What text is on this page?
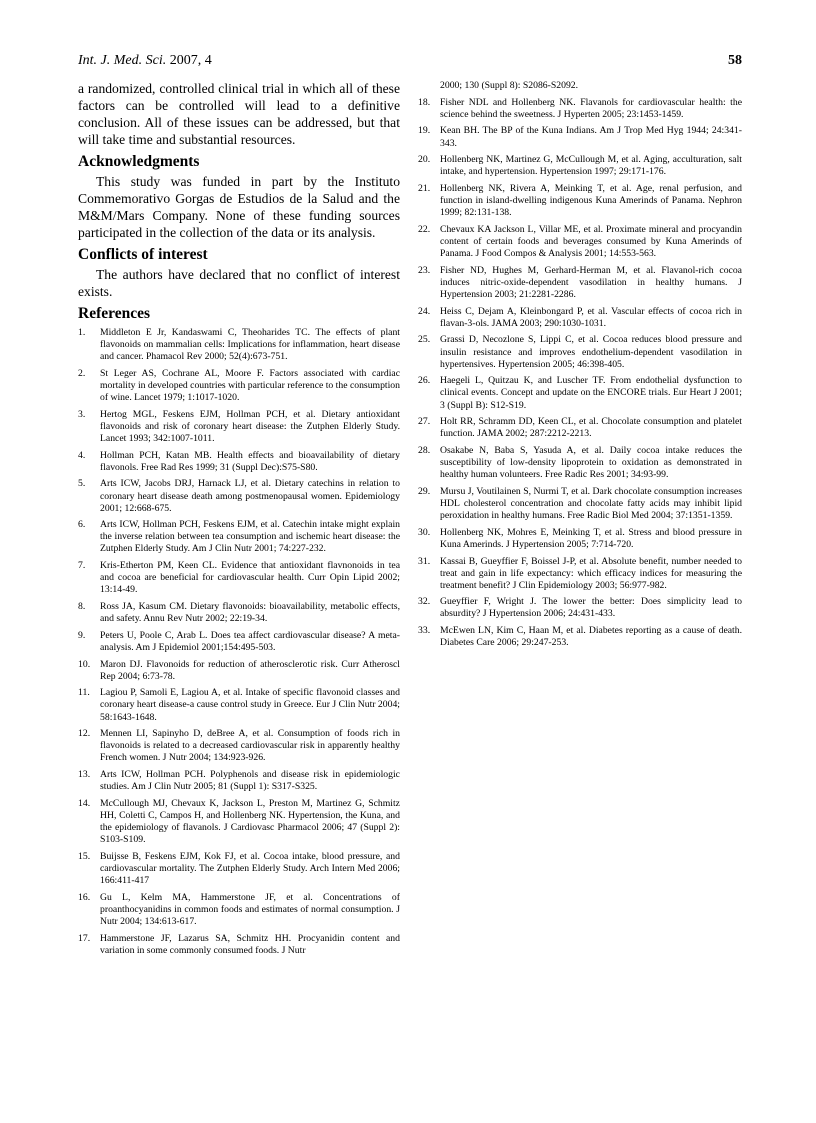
Int. J. Med. Sci. 2007, 4	58

a randomized, controlled clinical trial in which all of these factors can be controlled will lead to a definitive conclusion. All of these issues can be addressed, but that will take time and substantial resources.

Acknowledgments

This study was funded in part by the Instituto Commemorativo Gorgas de Estudios de la Salud and the M&M/Mars Company. None of these funding sources participated in the collection of the data or its analysis.

Conflicts of interest

The authors have declared that no conflict of interest exists.

References
1. Middleton E Jr, Kandaswami C, Theoharides TC. The effects of plant flavonoids on mammalian cells: Implications for inflammation, heart disease and cancer. Phamacol Rev 2000; 52(4):673-751.
2. St Leger AS, Cochrane AL, Moore F. Factors associated with cardiac mortality in developed countries with particular reference to the consumption of wine. Lancet 1979; 1:1017-1020.
3. Hertog MGL, Feskens EJM, Hollman PCH, et al. Dietary antioxidant flavonoids and risk of coronary heart disease: the Zutphen Elderly Study. Lancet 1993; 342:1007-1011.
4. Hollman PCH, Katan MB. Health effects and bioavailability of dietary flavonols. Free Rad Res 1999; 31 (Suppl Dec):S75-S80.
5. Arts ICW, Jacobs DRJ, Harnack LJ, et al. Dietary catechins in relation to coronary heart disease death among postmenopausal women. Epidemiology 2001; 12:668-675.
6. Arts ICW, Hollman PCH, Feskens EJM, et al. Catechin intake might explain the inverse relation between tea consumption and ischemic heart disease: the Zutphen Elderly Study. Am J Clin Nutr 2001; 74:227-232.
7. Kris-Etherton PM, Keen CL. Evidence that antioxidant flavnonoids in tea and cocoa are beneficial for cardiovascular health. Curr Opin Lipid 2002; 13:14-49.
8. Ross JA, Kasum CM. Dietary flavonoids: bioavailability, metabolic effects, and safety. Annu Rev Nutr 2002; 22:19-34.
9. Peters U, Poole C, Arab L. Does tea affect cardiovascular disease? A meta-analysis. Am J Epidemiol 2001;154:495-503.
10. Maron DJ. Flavonoids for reduction of atherosclerotic risk. Curr Atheroscl Rep 2004; 6:73-78.
11. Lagiou P, Samoli E, Lagiou A, et al. Intake of specific flavonoid classes and coronary heart disease-a cause control study in Greece. Eur J Clin Nutr 2004; 58:1643-1648.
12. Mennen LI, Sapinyho D, deBree A, et al. Consumption of foods rich in flavonoids is related to a decreased cardiovascular risk in apparently healthy French women. J Nutr 2004; 134:923-926.
13. Arts ICW, Hollman PCH. Polyphenols and disease risk in epidemiologic studies. Am J Clin Nutr 2005; 81 (Suppl 1): S317-S325.
14. McCullough MJ, Chevaux K, Jackson L, Preston M, Martinez G, Schmitz HH, Coletti C, Campos H, and Hollenberg NK. Hypertension, the Kuna, and the epidemiology of flavanols. J Cardiovasc Pharmacol 2006; 47 (Suppl 2): S103-S109.
15. Buijsse B, Feskens EJM, Kok FJ, et al. Cocoa intake, blood pressure, and cardiovascular mortality. The Zutphen Elderly Study. Arch Intern Med 2006; 166:411-417
16. Gu L, Kelm MA, Hammerstone JF, et al. Concentrations of proanthocyanidins in common foods and estimates of normal consumption. J Nutr 2004; 134:613-617.
17. Hammerstone JF, Lazarus SA, Schmitz HH. Procyanidin content and variation in some commonly consumed foods. J Nutr
2000; 130 (Suppl 8): S2086-S2092.
18. Fisher NDL and Hollenberg NK. Flavanols for cardiovascular health: the science behind the sweetness. J Hyperten 2005; 23:1453-1459.
19. Kean BH. The BP of the Kuna Indians. Am J Trop Med Hyg 1944; 24:341-343.
20. Hollenberg NK, Martinez G, McCullough M, et al. Aging, acculturation, salt intake, and hypertension. Hypertension 1997; 29:171-176.
21. Hollenberg NK, Rivera A, Meinking T, et al. Age, renal perfusion, and function in island-dwelling indigenous Kuna Amerinds of Panama. Nephron 1999; 82:131-138.
22. Chevaux KA Jackson L, Villar ME, et al. Proximate mineral and procyandin content of certain foods and beverages consumed by Kuna Amerinds of Panama. J Food Compos & Analysis 2001; 14:553-563.
23. Fisher ND, Hughes M, Gerhard-Herman M, et al. Flavanol-rich cocoa induces nitric-oxide-dependent vasodilation in healthy humans. J Hypertension 2003; 21:2281-2286.
24. Heiss C, Dejam A, Kleinbongard P, et al. Vascular effects of cocoa rich in flavan-3-ols. JAMA 2003; 290:1030-1031.
25. Grassi D, Necozlone S, Lippi C, et al. Cocoa reduces blood pressure and insulin resistance and improves endothelium-dependent vasodilation in hypertensives. Hypertension 2005; 46:398-405.
26. Haegeli L, Quitzau K, and Luscher TF. From endothelial dysfunction to clinical events. Concept and update on the ENCORE trials. Eur Heart J 2001; 3 (Suppl B): S12-S19.
27. Holt RR, Schramm DD, Keen CL, et al. Chocolate consumption and platelet function. JAMA 2002; 287:2212-2213.
28. Osakabe N, Baba S, Yasuda A, et al. Daily cocoa intake reduces the susceptibility of low-density lipoprotein to oxidation as demonstrated in healthy human volunteers. Free Radic Res 2001; 34:93-99.
29. Mursu J, Voutilainen S, Nurmi T, et al. Dark chocolate consumption increases HDL cholesterol concentration and chocolate fatty acids may inhibit lipid peroxidation in healthy humans. Free Radic Biol Med 2004; 37:1351-1359.
30. Hollenberg NK, Mohres E, Meinking T, et al. Stress and blood pressure in Kuna Amerinds. J Hypertension 2005; 7:714-720.
31. Kassai B, Gueyffier F, Boissel J-P, et al. Absolute benefit, number needed to treat and gain in life expectancy: which efficacy indices for measuring the treatment benefit? J Clin Epidemiology 2003; 56:977-982.
32. Gueyffier F, Wright J. The lower the better: Does simplicity lead to absurdity? J Hypertension 2006; 24:431-433.
33. McEwen LN, Kim C, Haan M, et al. Diabetes reporting as a cause of death. Diabetes Care 2006; 29:247-253.
